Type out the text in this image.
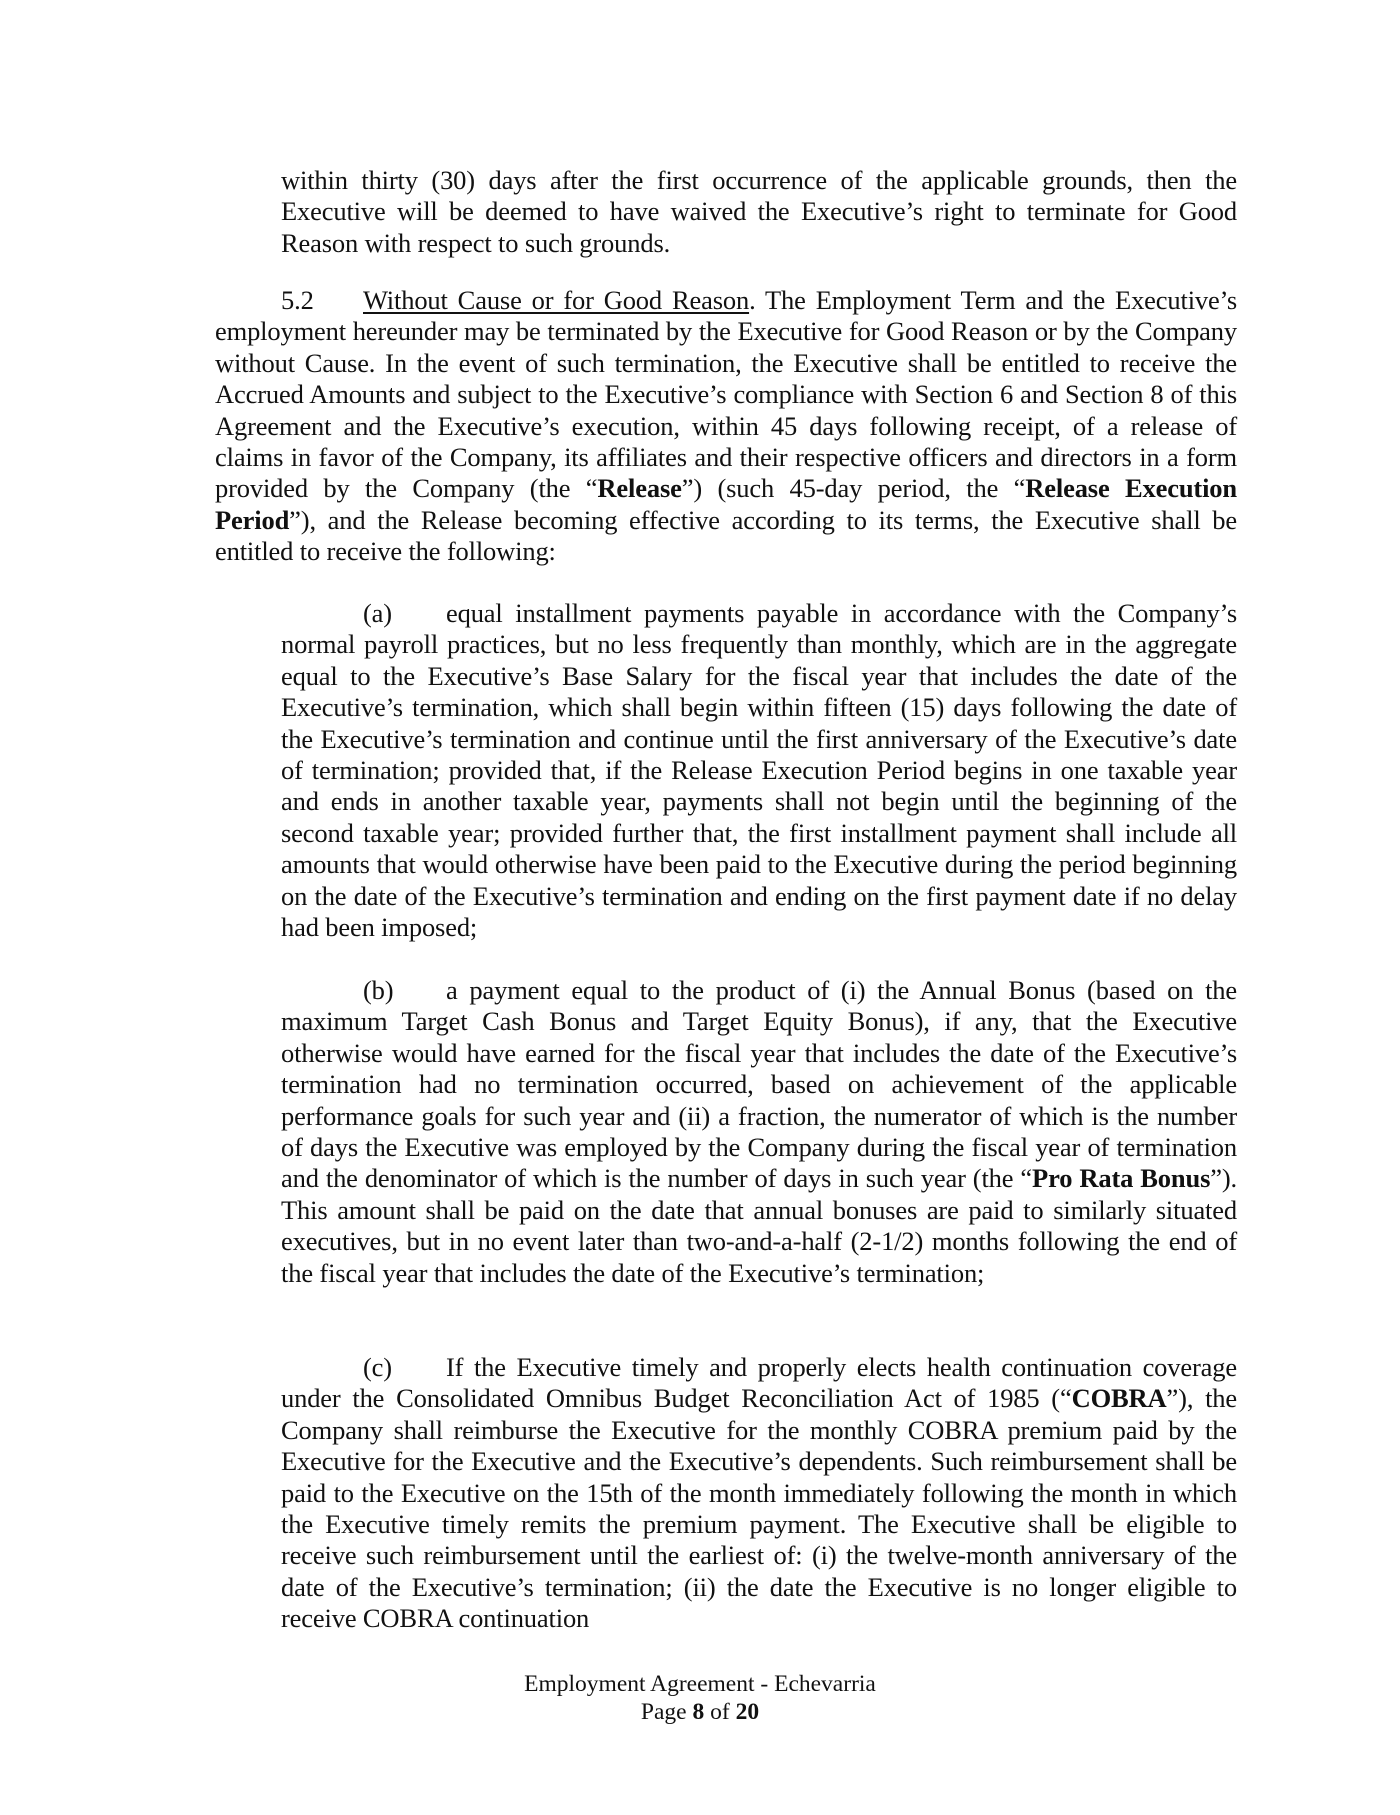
within thirty (30) days after the first occurrence of the applicable grounds, then the Executive will be deemed to have waived the Executive’s right to terminate for Good Reason with respect to such grounds.

5.2 Without Cause or for Good Reason. The Employment Term and the Executive’s employment hereunder may be terminated by the Executive for Good Reason or by the Company without Cause. In the event of such termination, the Executive shall be entitled to receive the Accrued Amounts and subject to the Executive’s compliance with Section 6 and Section 8 of this Agreement and the Executive’s execution, within 45 days following receipt, of a release of claims in favor of the Company, its affiliates and their respective officers and directors in a form provided by the Company (the “Release”) (such 45-day period, the “Release Execution Period”), and the Release becoming effective according to its terms, the Executive shall be entitled to receive the following:

(a) equal installment payments payable in accordance with the Company’s normal payroll practices, but no less frequently than monthly, which are in the aggregate equal to the Executive’s Base Salary for the fiscal year that includes the date of the Executive’s termination, which shall begin within fifteen (15) days following the date of the Executive’s termination and continue until the first anniversary of the Executive’s date of termination; provided that, if the Release Execution Period begins in one taxable year and ends in another taxable year, payments shall not begin until the beginning of the second taxable year; provided further that, the first installment payment shall include all amounts that would otherwise have been paid to the Executive during the period beginning on the date of the Executive’s termination and ending on the first payment date if no delay had been imposed;

(b) a payment equal to the product of (i) the Annual Bonus (based on the maximum Target Cash Bonus and Target Equity Bonus), if any, that the Executive otherwise would have earned for the fiscal year that includes the date of the Executive’s termination had no termination occurred, based on achievement of the applicable performance goals for such year and (ii) a fraction, the numerator of which is the number of days the Executive was employed by the Company during the fiscal year of termination and the denominator of which is the number of days in such year (the “Pro Rata Bonus”). This amount shall be paid on the date that annual bonuses are paid to similarly situated executives, but in no event later than two-and-a-half (2-1/2) months following the end of the fiscal year that includes the date of the Executive’s termination;

(c) If the Executive timely and properly elects health continuation coverage under the Consolidated Omnibus Budget Reconciliation Act of 1985 (“COBRA”), the Company shall reimburse the Executive for the monthly COBRA premium paid by the Executive for the Executive and the Executive’s dependents. Such reimbursement shall be paid to the Executive on the 15th of the month immediately following the month in which the Executive timely remits the premium payment. The Executive shall be eligible to receive such reimbursement until the earliest of: (i) the twelve-month anniversary of the date of the Executive’s termination; (ii) the date the Executive is no longer eligible to receive COBRA continuation

Employment Agreement - Echevarria
Page 8 of 20
